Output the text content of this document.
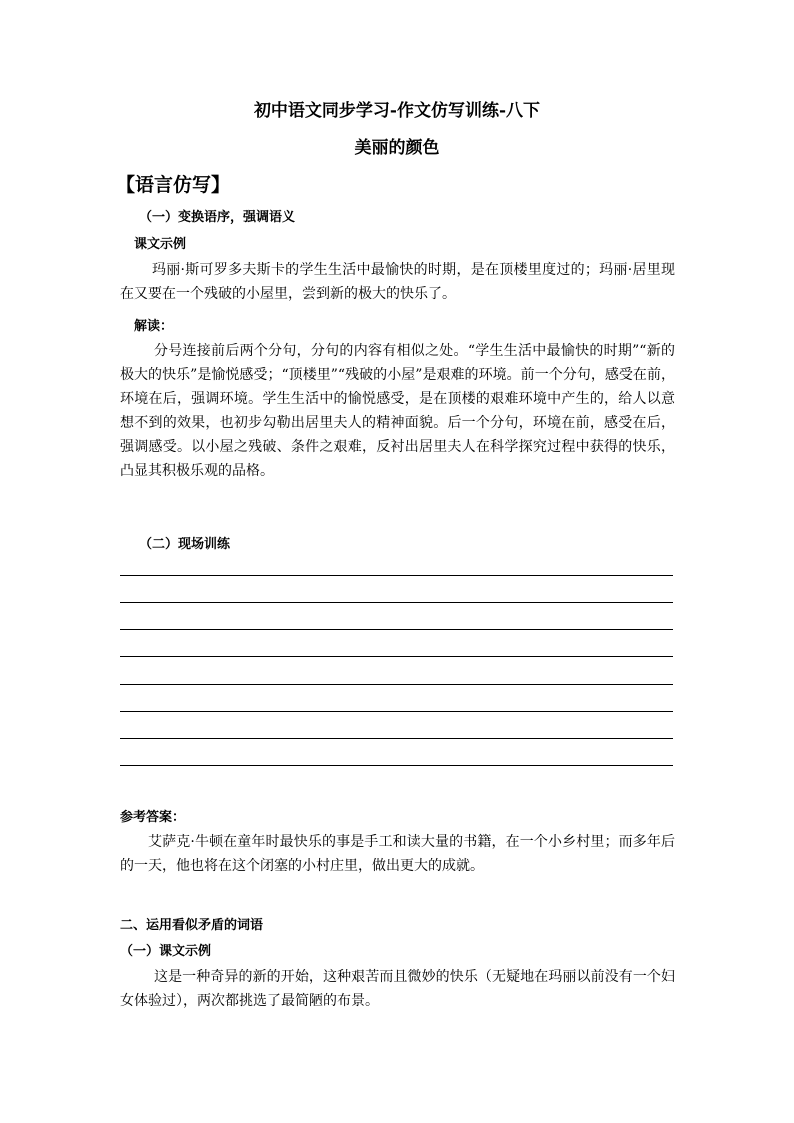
初中语文同步学习-作文仿写训练-八下
美丽的颜色
【语言仿写】
（一）变换语序，强调语义
课文示例

玛丽·斯可罗多夫斯卡的学生生活中最愉快的时期，是在顶楼里度过的；玛丽·居里现在又要在一个残破的小屋里，尝到新的极大的快乐了。

解读：

分号连接前后两个分句，分句的内容有相似之处。“学生生活中最愉快的时期”“新的极大的快乐”是愉悦感受；“顶楼里”“残破的小屋”是艰难的环境。前一个分句，感受在前，环境在后，强调环境。学生生活中的愉悦感受，是在顶楼的艰难环境中产生的，给人以意想不到的效果，也初步勾勒出居里夫人的精神面貌。后一个分句，环境在前，感受在后，强调感受。以小屋之残破、条件之艰难，反衬出居里夫人在科学探究过程中获得的快乐，凸显其积极乐观的品格。

（二）现场训练
参考答案：

艾萨克·牛顿在童年时最快乐的事是手工和读大量的书籍，在一个小乡村里；而多年后的一天，他也将在这个闭塞的小村庄里，做出更大的成就。

二、运用看似矛盾的词语
（一）课文示例

这是一种奇异的新的开始，这种艰苦而且微妙的快乐（无疑地在玛丽以前没有一个妇女体验过），两次都挑选了最简陋的布景。
